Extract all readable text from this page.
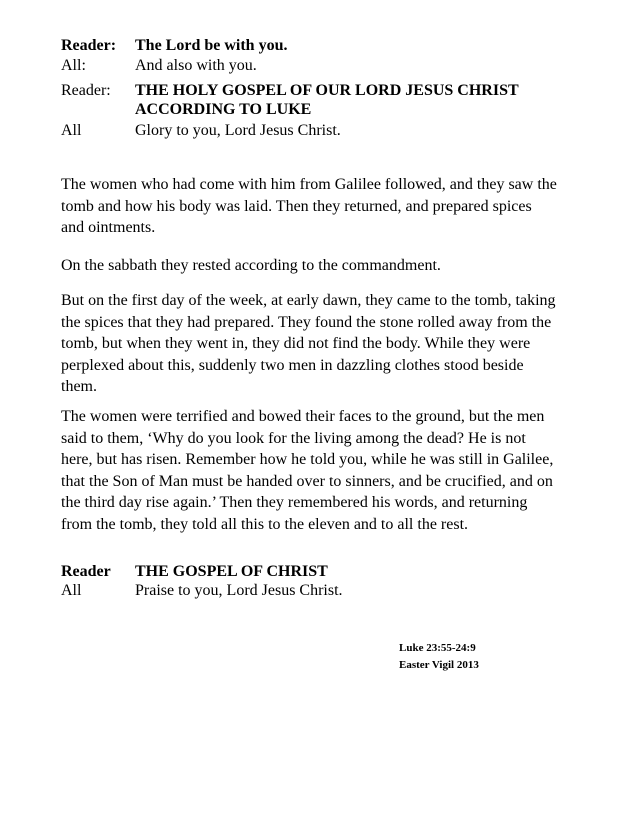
Reader: The Lord be with you.
All:	And also with you.
Reader: THE HOLY GOSPEL OF OUR LORD JESUS CHRIST
ACCORDING TO LUKE
All	Glory to you, Lord Jesus Christ.

The women who had come with him from Galilee followed, and they saw the
tomb and how his body was laid. Then they returned, and prepared spices
and ointments.

On the sabbath they rested according to the commandment.

But on the first day of the week, at early dawn, they came to the tomb, taking
the spices that they had prepared. They found the stone rolled away from the
tomb, but when they went in, they did not find the body. While they were
perplexed about this, suddenly two men in dazzling clothes stood beside
them.

The women were terrified and bowed their faces to the ground, but the men
said to them, ‘Why do you look for the living among the dead? He is not
here, but has risen. Remember how he told you, while he was still in Galilee,
that the Son of Man must be handed over to sinners, and be crucified, and on
the third day rise again.’ Then they remembered his words, and returning
from the tomb, they told all this to the eleven and to all the rest.

Reader THE GOSPEL OF CHRIST
All	Praise to you, Lord Jesus Christ.
Luke 23:55-24:9
Easter Vigil 2013
